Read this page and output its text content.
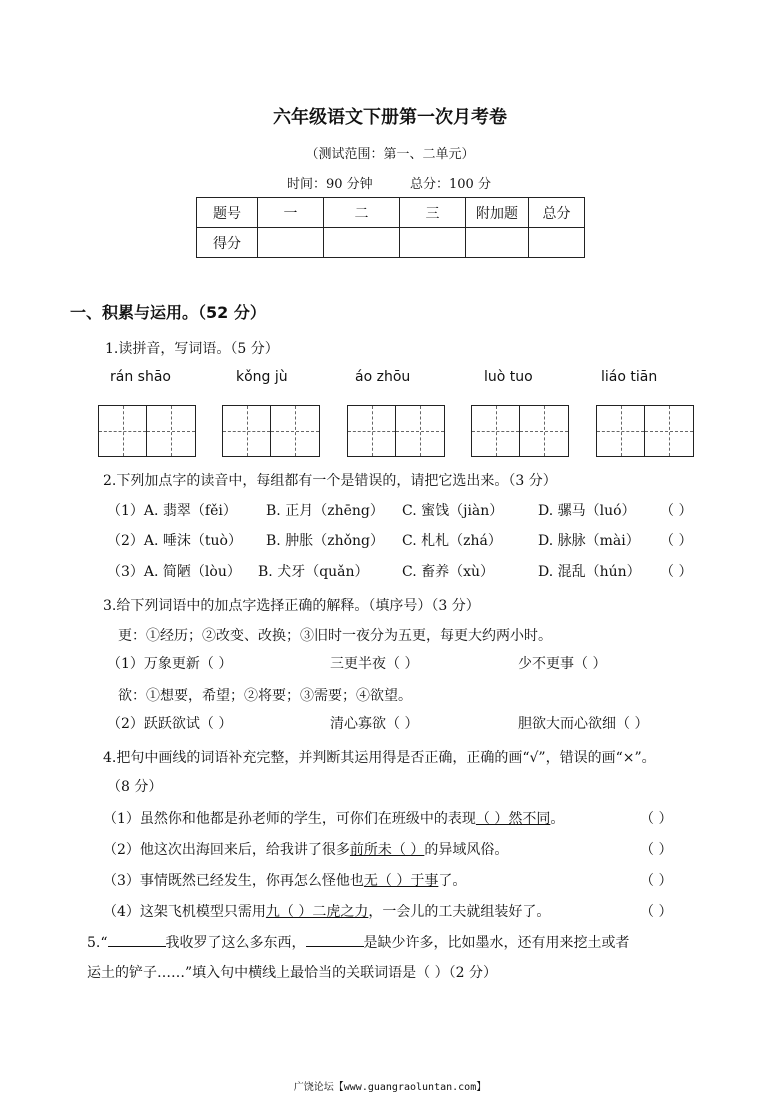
六年级语文下册第一次月考卷
（测试范围：第一、二单元）
时间：90 分钟	总分：100 分
题号	一	二	三	附加题	总分
得分					
一、积累与运用。（52 分）
1.读拼音，写词语。（5 分）
rán shāo	kǒng jù	áo zhōu	luò tuo	liáo tiān
2.下列加点字的读音中，每组都有一个是错误的，请把它选出来。（3 分）
（1）A. 翡翠（fěi） B. 正月（zhēng） C. 蜜饯（jiàn） D. 骡马（luó） （ ）
（2）A. 唾沫（tuò） B. 肿胀（zhǒng） C. 札札（zhá）	D. 脉脉（mài） （ ）
（3）A. 简陋（lòu） B. 犬牙（quǎn） C. 畜养（xù）	D. 混乱（hún） （ ）
3.给下列词语中的加点字选择正确的解释。（填序号）（3 分）
更：①经历；②改变、改换；③旧时一夜分为五更，每更大约两小时。
（1）万象更新（ ）	三更半夜（ ）	少不更事（ ）
欲：①想要，希望；②将要；③需要；④欲望。
（2）跃跃欲试（ ）	清心寡欲（ ）	胆欲大而心欲细（ ）
4.把句中画线的词语补充完整，并判断其运用得是否正确，正确的画“√”，错误的画“×”。
（8 分）
（1）虽然你和他都是孙老师的学生，可你们在班级中的表现（ ）然不同。	（ ）
（2）他这次出海回来后，给我讲了很多前所未（ ）的异域风俗。	（ ）
（3）事情既然已经发生，你再怎么怪他也无（ ）于事了。	（ ）
（4）这架飞机模型只需用九（ ）二虎之力，一会儿的工夫就组装好了。	（ ）
5.“	我收罗了这么多东西，	是缺少许多，比如墨水，还有用来挖土或者
运土的铲子……”填入句中横线上最恰当的关联词语是（ ）（2 分）
广饶论坛【www.guangraoluntan.com】
